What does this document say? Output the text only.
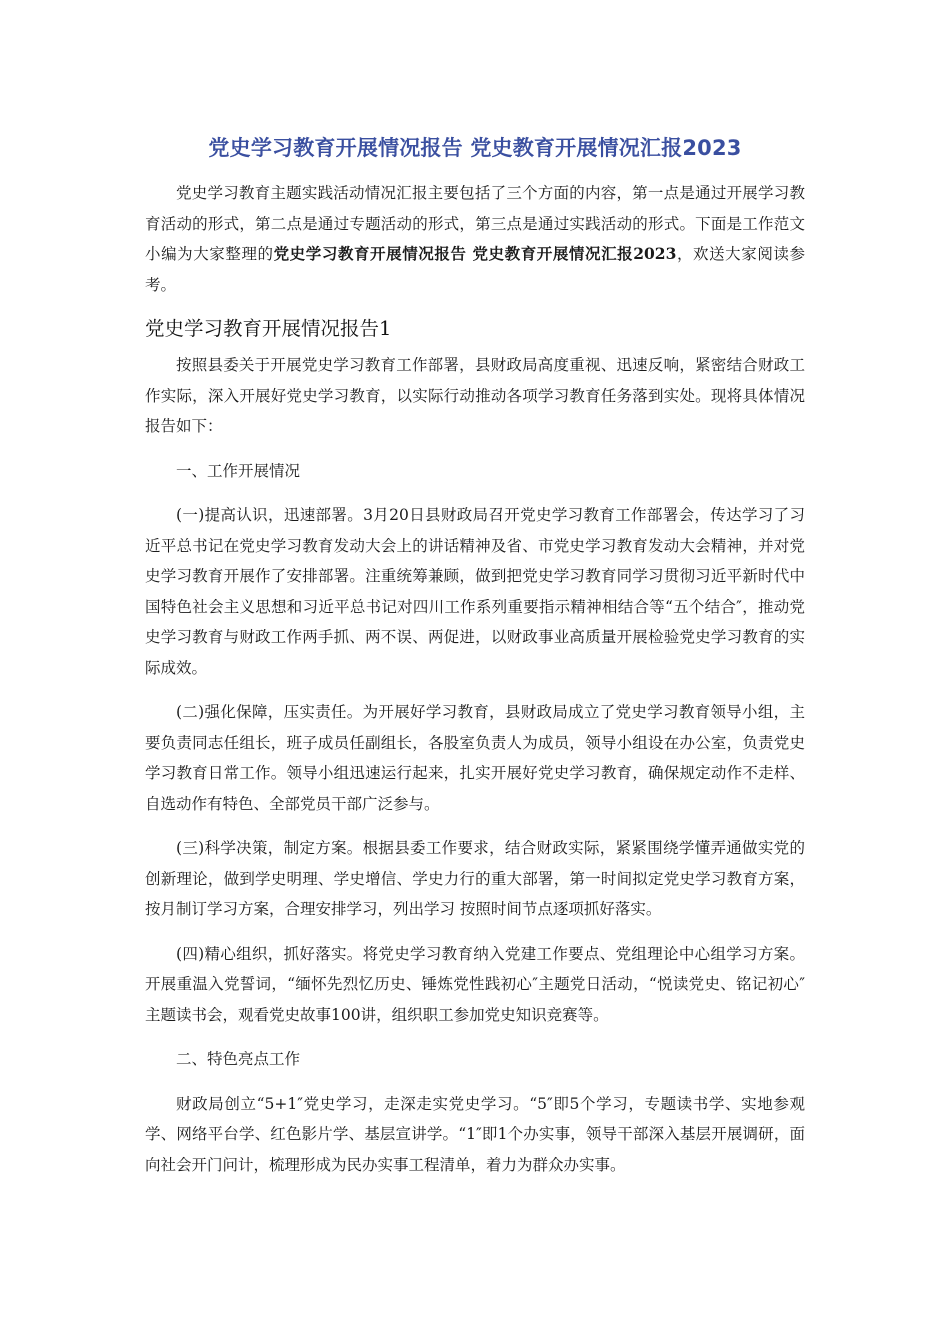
党史学习教育开展情况报告 党史教育开展情况汇报2023

党史学习教育主题实践活动情况汇报主要包括了三个方面的内容，第一点是通过开展学习教育活动的形式，第二点是通过专题活动的形式，第三点是通过实践活动的形式。下面是工作范文小编为大家整理的党史学习教育开展情况报告 党史教育开展情况汇报2023，欢送大家阅读参考。

党史学习教育开展情况报告1

按照县委关于开展党史学习教育工作部署，县财政局高度重视、迅速反响，紧密结合财政工作实际，深入开展好党史学习教育，以实际行动推动各项学习教育任务落到实处。现将具体情况报告如下：

一、工作开展情况

(一)提高认识，迅速部署。3月20日县财政局召开党史学习教育工作部署会，传达学习了习近平总书记在党史学习教育发动大会上的讲话精神及省、市党史学习教育发动大会精神，并对党史学习教育开展作了安排部署。注重统筹兼顾，做到把党史学习教育同学习贯彻习近平新时代中国特色社会主义思想和习近平总书记对四川工作系列重要指示精神相结合等“五个结合″，推动党史学习教育与财政工作两手抓、两不误、两促进，以财政事业高质量开展检验党史学习教育的实际成效。

(二)强化保障，压实责任。为开展好学习教育，县财政局成立了党史学习教育领导小组，主要负责同志任组长，班子成员任副组长，各股室负责人为成员，领导小组设在办公室，负责党史学习教育日常工作。领导小组迅速运行起来，扎实开展好党史学习教育，确保规定动作不走样、自选动作有特色、全部党员干部广泛参与。

(三)科学决策，制定方案。根据县委工作要求，结合财政实际，紧紧围绕学懂弄通做实党的创新理论，做到学史明理、学史增信、学史力行的重大部署，第一时间拟定党史学习教育方案，按月制订学习方案，合理安排学习，列出学习 按照时间节点逐项抓好落实。

(四)精心组织，抓好落实。将党史学习教育纳入党建工作要点、党组理论中心组学习方案。开展重温入党誓词，“缅怀先烈忆历史、锤炼党性践初心″主题党日活动，“悦读党史、铭记初心″主题读书会，观看党史故事100讲，组织职工参加党史知识竞赛等。

二、特色亮点工作

财政局创立“5+1″党史学习，走深走实党史学习。“5″即5个学习，专题读书学、实地参观学、网络平台学、红色影片学、基层宣讲学。“1″即1个办实事，领导干部深入基层开展调研，面向社会开门问计，梳理形成为民办实事工程清单，着力为群众办实事。
